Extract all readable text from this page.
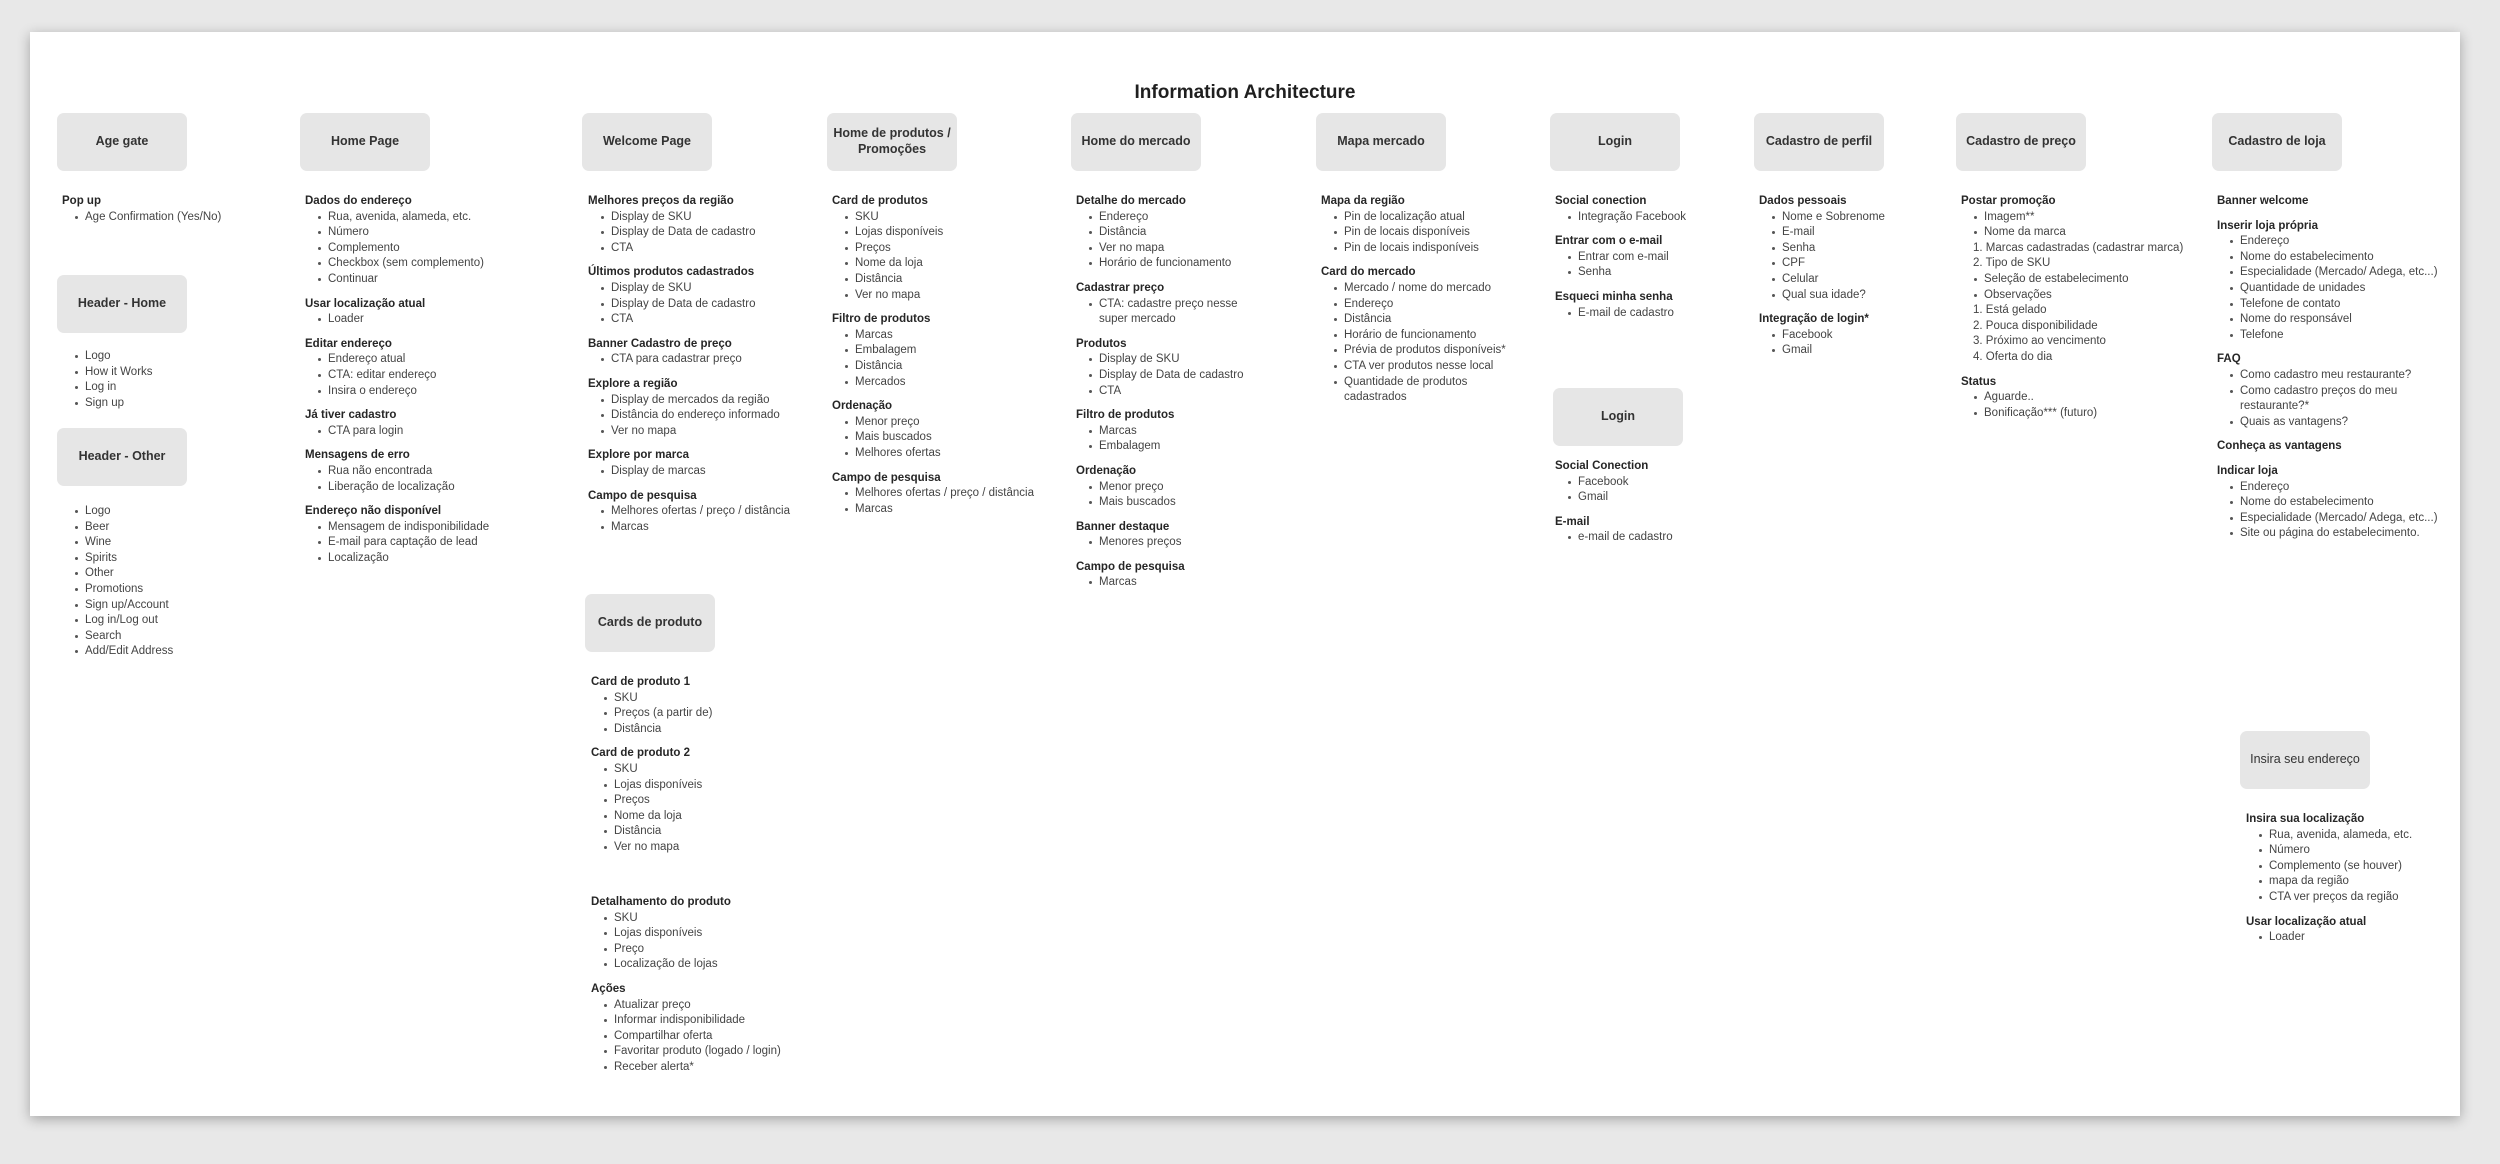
Information Architecture
Age gate
Header - Home
Header - Other
Home Page	Welcome Page
Cards de produto
Home de produtos / Promoções
Home do mercado	Mapa mercado	Login
Login
Cadastro de perfil	Cadastro de preço	Cadastro de loja
Insira seu endereço
Pop up
Age Confirmation (Yes/No)
Logo
How it Works
Log in
Sign up
Logo
Beer
Wine
Spirits
Other
Promotions
Sign up/Account
Log in/Log out
Search
Add/Edit Address
Dados do endereço
Rua, avenida, alameda, etc.
Número
Complemento
Checkbox (sem complemento)
Continuar
Usar localização atual
Loader
Editar endereço
Endereço atual
CTA: editar endereço
Insira o endereço
Já tiver cadastro
CTA para login
Mensagens de erro
Rua não encontrada
Liberação de localização
Endereço não disponível
Mensagem de indisponibilidade
E-mail para captação de lead
Localização
Melhores preços da região
Display de SKU
Display de Data de cadastro
CTA
Últimos produtos cadastrados
Display de SKU
Display de Data de cadastro
CTA
Banner Cadastro de preço
CTA para cadastrar preço
Explore a região
Display de mercados da região
Distância do endereço informado
Ver no mapa
Explore por marca
Display de marcas
Campo de pesquisa
Melhores ofertas / preço / distância
Marcas
Card de produto 1
SKU
Preços (a partir de)
Distância
Card de produto 2
SKU
Lojas disponíveis
Preços
Nome da loja
Distância
Ver no mapa
Detalhamento do produto
SKU
Lojas disponíveis
Preço
Localização de lojas
Ações
Atualizar preço
Informar indisponibilidade
Compartilhar oferta
Favoritar produto (logado / login)
Receber alerta*
Card de produtos
SKU
Lojas disponíveis
Preços
Nome da loja
Distância
Ver no mapa
Filtro de produtos
Marcas
Embalagem
Distância
Mercados
Ordenação
Menor preço
Mais buscados
Melhores ofertas
Campo de pesquisa
Melhores ofertas / preço / distância
Marcas
Detalhe do mercado
Endereço
Distância
Ver no mapa
Horário de funcionamento
Cadastrar preço
CTA: cadastre preço nesse super mercado
Produtos
Display de SKU
Display de Data de cadastro
CTA
Filtro de produtos
Marcas
Embalagem
Ordenação
Menor preço
Mais buscados
Banner destaque
Menores preços
Campo de pesquisa
Marcas
Mapa da região
Pin de localização atual
Pin de locais disponíveis
Pin de locais indisponíveis
Card do mercado
Mercado / nome do mercado
Endereço
Distância
Horário de funcionamento
Prévia de produtos disponíveis*
CTA ver produtos nesse local
Quantidade de produtos cadastrados
Social conection
Integração Facebook
Entrar com o e-mail
Entrar com e-mail
Senha
Esqueci minha senha
E-mail de cadastro
Social Conection
Facebook
Gmail
E-mail
e-mail de cadastro
Dados pessoais
Nome e Sobrenome
E-mail
Senha
CPF
Celular
Qual sua idade?
Integração de login*
Facebook
Gmail
Postar promoção
Imagem**
Nome da marca
1. Marcas cadastradas (cadastrar marca)
2. Tipo de SKU
Seleção de estabelecimento
Observações
1. Está gelado
2. Pouca disponibilidade
3. Próximo ao vencimento
4. Oferta do dia
Status
Aguarde..
Bonificação*** (futuro)
Banner welcome
Inserir loja própria
Endereço
Nome do estabelecimento
Especialidade (Mercado/ Adega, etc...)
Quantidade de unidades
Telefone de contato
Nome do responsável
Telefone
FAQ
Como cadastro meu restaurante?
Como cadastro preços do meu restaurante?*
Quais as vantagens?
Conheça as vantagens
Indicar loja
Endereço
Nome do estabelecimento
Especialidade (Mercado/ Adega, etc...)
Site ou página do estabelecimento.
Insira sua localização
Rua, avenida, alameda, etc.
Número
Complemento (se houver)
mapa da região
CTA ver preços da região
Usar localização atual
Loader
